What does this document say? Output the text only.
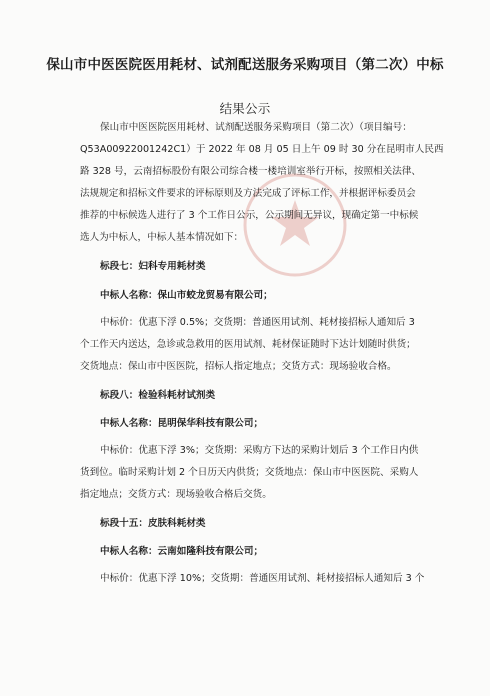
保山市中医医院医用耗材、试剂配送服务采购项目（第二次）中标
结果公示
保山市中医医院医用耗材、试剂配送服务采购项目（第二次）（项目编号：
Q53A00922001242C1）于 2022 年 08 月 05 日上午 09 时 30 分在昆明市人民西
路 328 号，云南招标股份有限公司综合楼一楼培训室举行开标，按照相关法律、
法规规定和招标文件要求的评标原则及方法完成了评标工作，并根据评标委员会
推荐的中标候选人进行了 3 个工作日公示，公示期间无异议，现确定第一中标候
选人为中标人，中标人基本情况如下：
标段七：妇科专用耗材类
中标人名称：保山市蛟龙贸易有限公司；
中标价：优惠下浮 0.5%；交货期：普通医用试剂、耗材接招标人通知后 3
个工作天内送达，急诊或急救用的医用试剂、耗材保证随时下达计划随时供货；
交货地点：保山市中医医院，招标人指定地点；交货方式：现场验收合格。
标段八：检验科耗材试剂类
中标人名称：昆明保华科技有限公司；
中标价：优惠下浮 3%；交货期：采购方下达的采购计划后 3 个工作日内供
货到位。临时采购计划 2 个日历天内供货；交货地点：保山市中医医院、采购人
指定地点；交货方式：现场验收合格后交货。
标段十五：皮肤科耗材类
中标人名称：云南如隆科技有限公司；
中标价：优惠下浮 10%；交货期：普通医用试剂、耗材接招标人通知后 3 个
